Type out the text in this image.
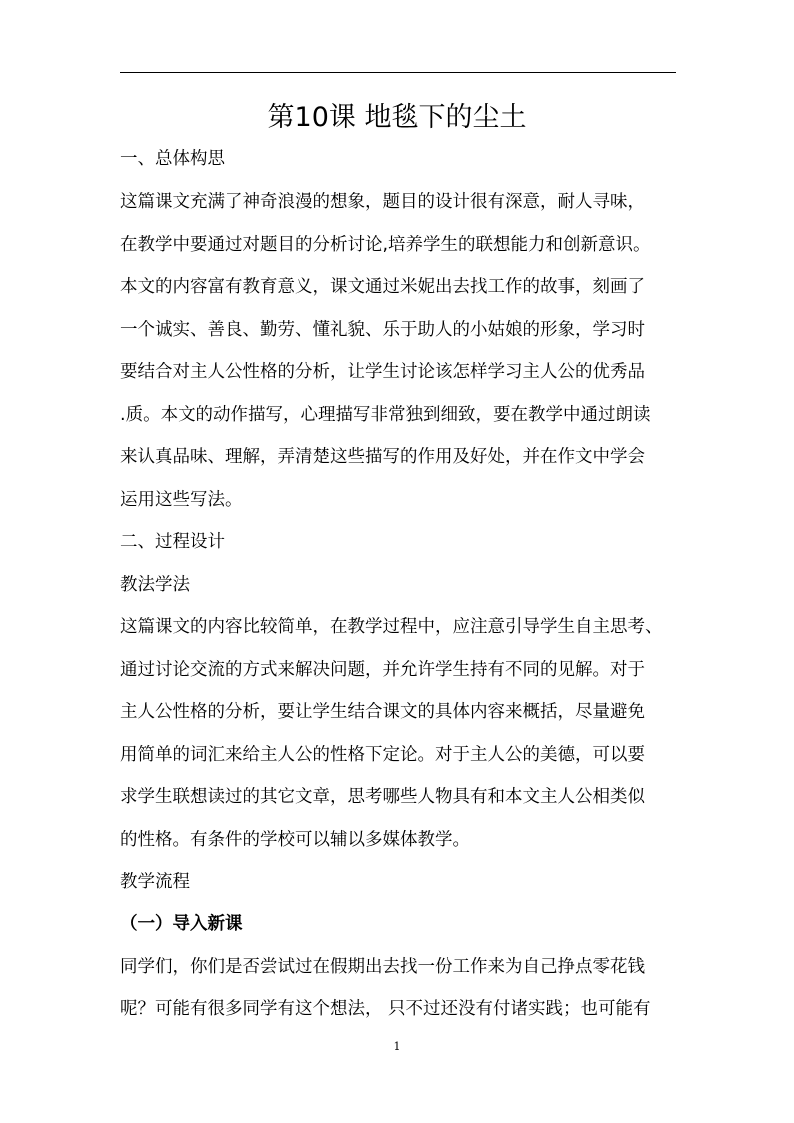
第10课 地毯下的尘土
一、总体构思
这篇课文充满了神奇浪漫的想象，题目的设计很有深意，耐人寻味，
在教学中要通过对题目的分析讨论,培养学生的联想能力和创新意识。
本文的内容富有教育意义，课文通过米妮出去找工作的故事，刻画了
一个诚实、善良、勤劳、懂礼貌、乐于助人的小姑娘的形象，学习时
要结合对主人公性格的分析，让学生讨论该怎样学习主人公的优秀品
.质。本文的动作描写，心理描写非常独到细致，要在教学中通过朗读
来认真品味、理解，弄清楚这些描写的作用及好处，并在作文中学会
运用这些写法。
二、过程设计
教法学法
这篇课文的内容比较简单，在教学过程中，应注意引导学生自主思考、
通过讨论交流的方式来解决问题，并允许学生持有不同的见解。对于
主人公性格的分析，要让学生结合课文的具体内容来概括，尽量避免
用简单的词汇来给主人公的性格下定论。对于主人公的美德，可以要
求学生联想读过的其它文章，思考哪些人物具有和本文主人公相类似
的性格。有条件的学校可以辅以多媒体教学。
教学流程
（一）导入新课
同学们，你们是否尝试过在假期出去找一份工作来为自己挣点零花钱
呢？可能有很多同学有这个想法， 只不过还没有付诸实践；也可能有
1
